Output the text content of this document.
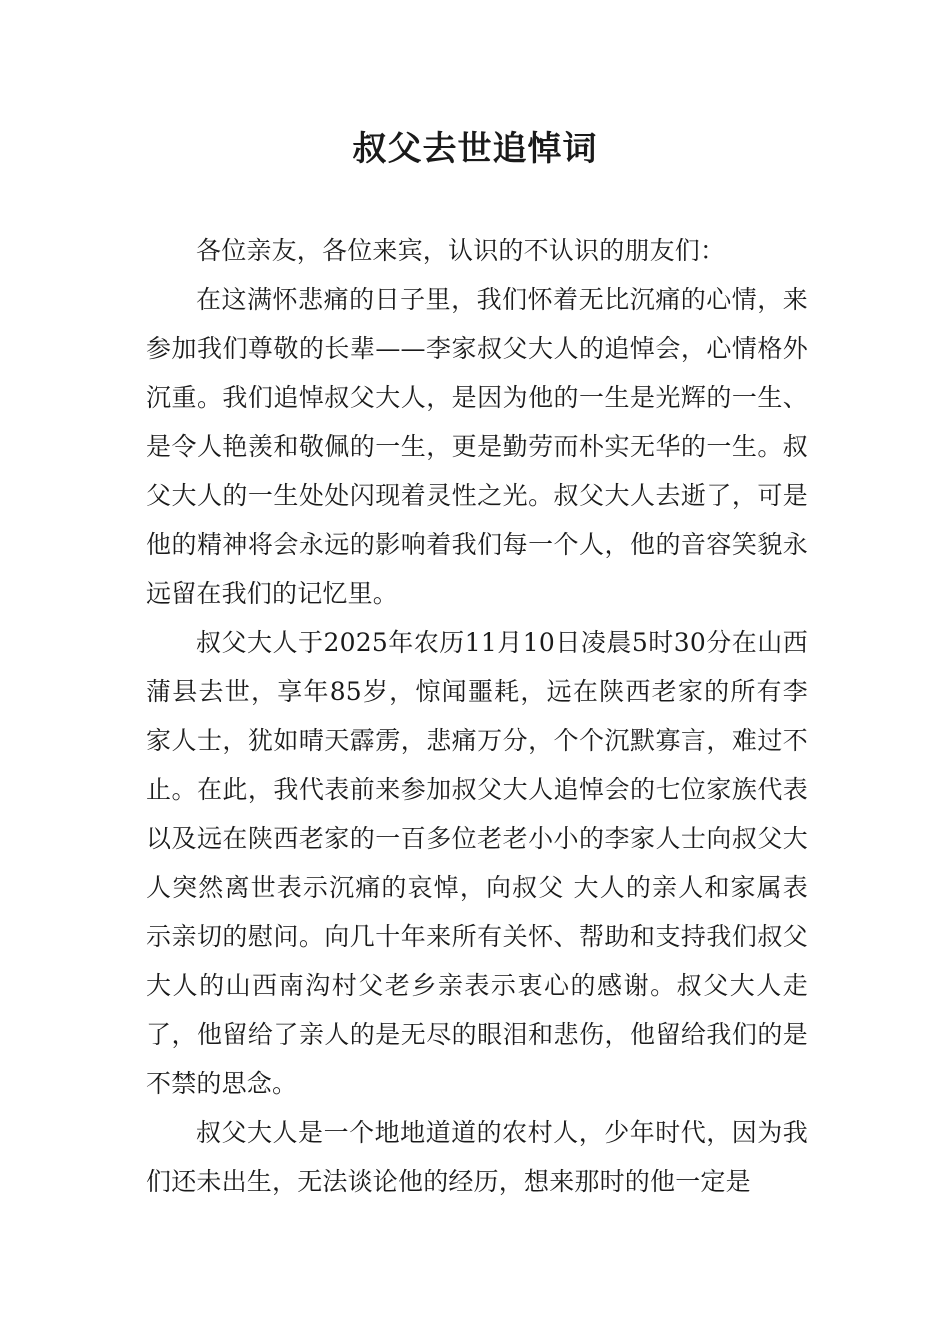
叔父去世追悼词

各位亲友，各位来宾，认识的不认识的朋友们：

在这满怀悲痛的日子里，我们怀着无比沉痛的心情，来参加我们尊敬的长辈——李家叔父大人的追悼会，心情格外沉重。我们追悼叔父大人，是因为他的一生是光辉的一生、是令人艳羡和敬佩的一生，更是勤劳而朴实无华的一生。叔父大人的一生处处闪现着灵性之光。叔父大人去逝了，可是他的精神将会永远的影响着我们每一个人，他的音容笑貌永远留在我们的记忆里。

叔父大人于2025年农历11月10日凌晨5时30分在山西蒲县去世，享年85岁，惊闻噩耗，远在陕西老家的所有李家人士，犹如晴天霹雳，悲痛万分，个个沉默寡言，难过不止。在此，我代表前来参加叔父大人追悼会的七位家族代表以及远在陕西老家的一百多位老老小小的李家人士向叔父大人突然离世表示沉痛的哀悼，向叔父 大人的亲人和家属表示亲切的慰问。向几十年来所有关怀、帮助和支持我们叔父大人的山西南沟村父老乡亲表示衷心的感谢。叔父大人走了，他留给了亲人的是无尽的眼泪和悲伤，他留给我们的是不禁的思念。

叔父大人是一个地地道道的农村人，少年时代，因为我们还未出生，无法谈论他的经历，想来那时的他一定是
